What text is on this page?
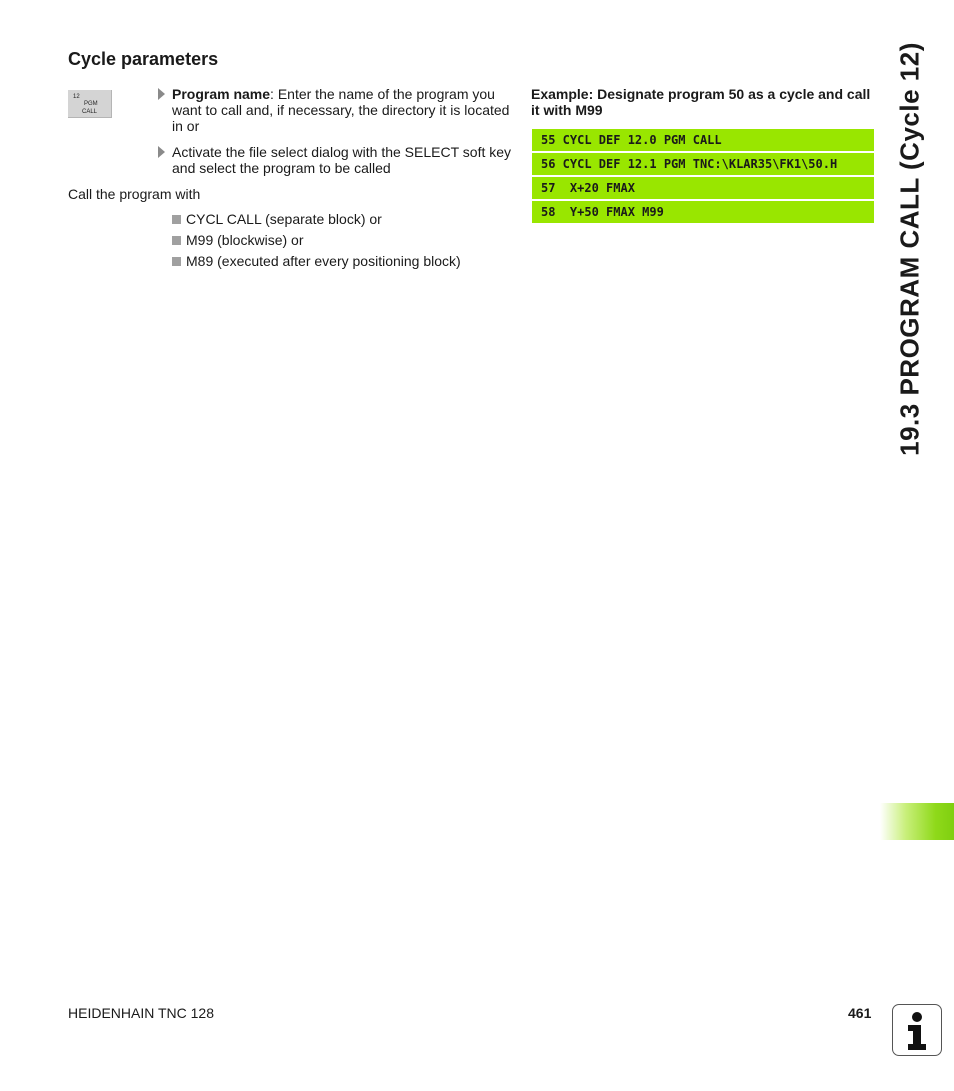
Cycle parameters
12
PGM
CALL
Program name: Enter the name of the program you want to call and, if necessary, the directory it is located in or
Activate the file select dialog with the SELECT soft key and select the program to be called
Call the program with
CYCL CALL (separate block) or
M99 (blockwise) or
M89 (executed after every positioning block)
Example: Designate program 50 as a cycle and call it with M99
55 CYCL DEF 12.0 PGM CALL
56 CYCL DEF 12.1 PGM TNC:\KLAR35\FK1\50.H
57  X+20 FMAX
58  Y+50 FMAX M99	19.3 PROGRAM CALL (Cycle 12)
HEIDENHAIN TNC 128	461
